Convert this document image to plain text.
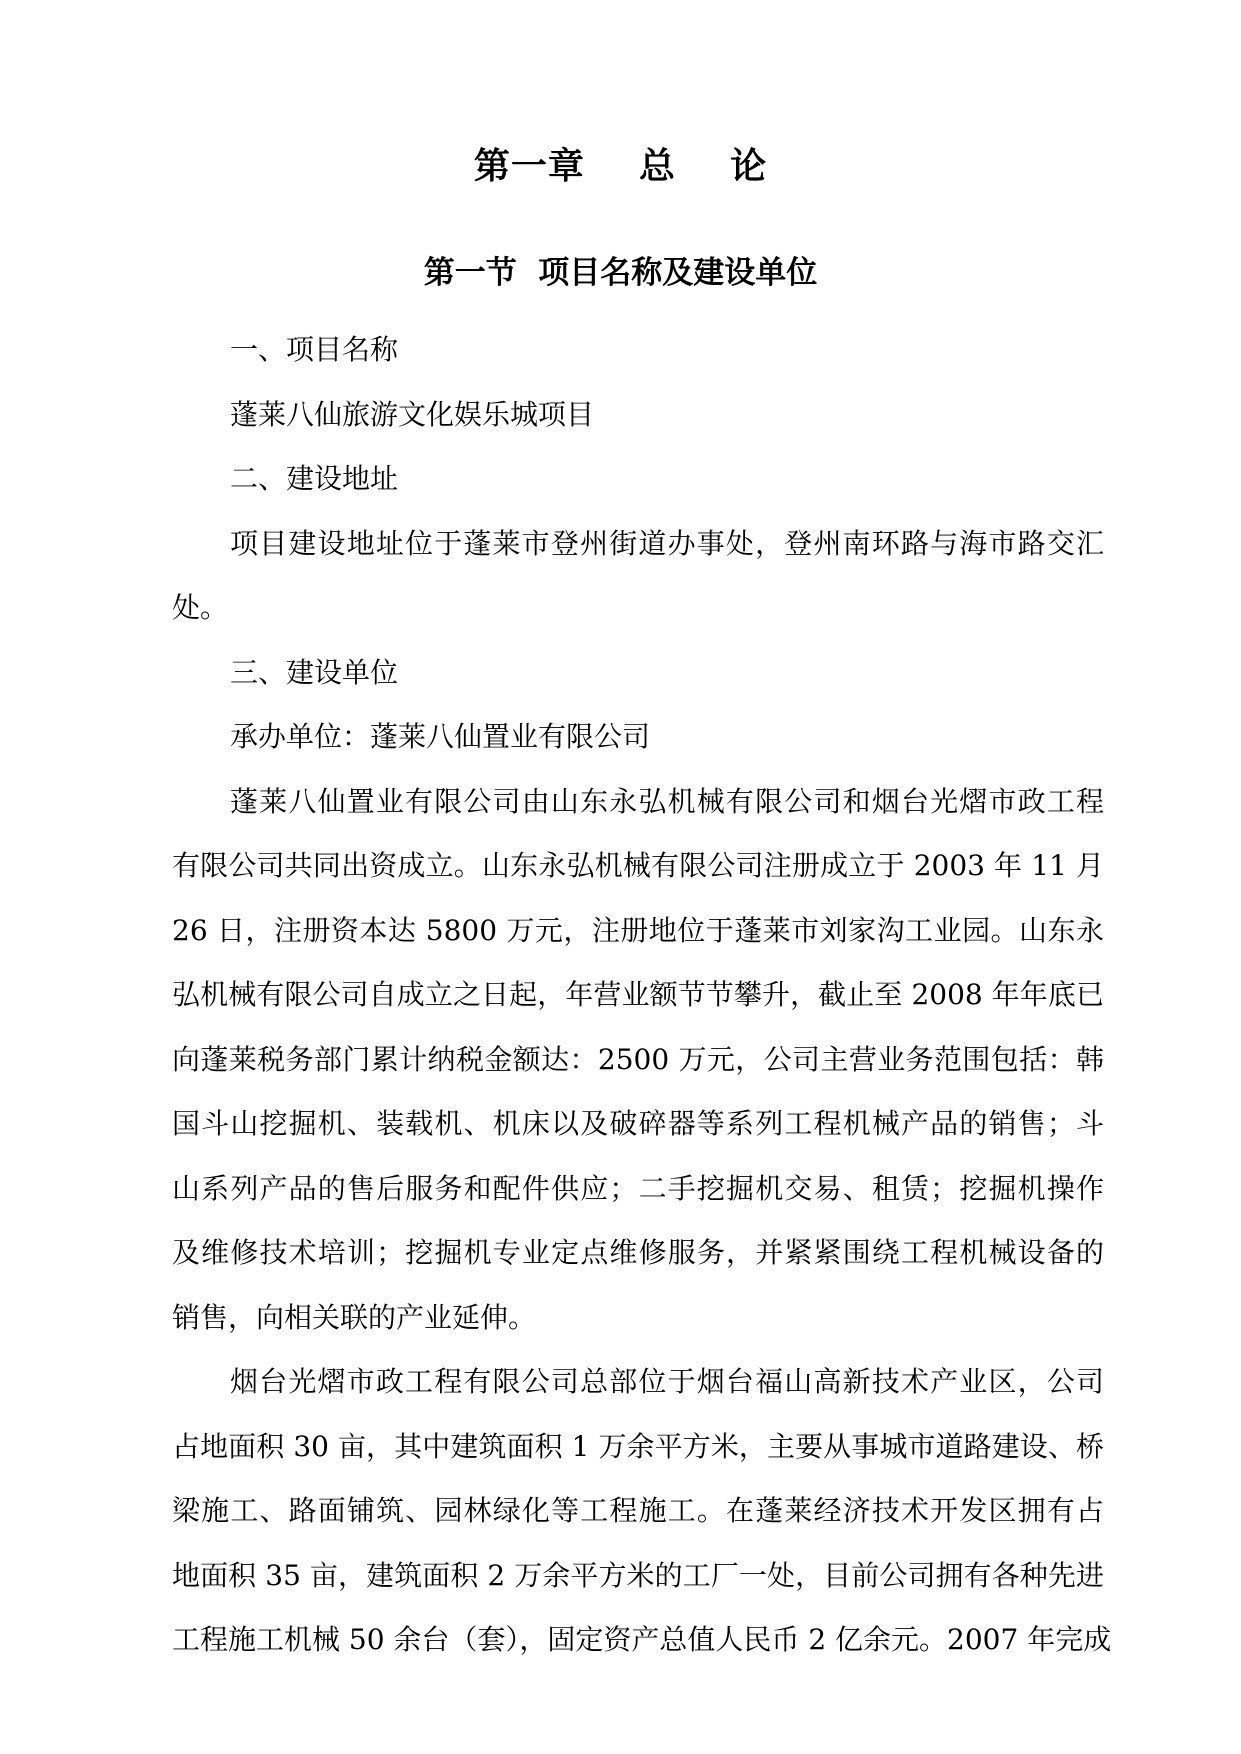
第一章    总    论
第一节  项目名称及建设单位
一、项目名称
蓬莱八仙旅游文化娱乐城项目
二、建设地址
项目建设地址位于蓬莱市登州街道办事处，登州南环路与海市路交汇
处。
三、建设单位
承办单位：蓬莱八仙置业有限公司
蓬莱八仙置业有限公司由山东永弘机械有限公司和烟台光熠市政工程
有限公司共同出资成立。山东永弘机械有限公司注册成立于 2003 年 11 月
26 日，注册资本达 5800 万元，注册地位于蓬莱市刘家沟工业园。山东永
弘机械有限公司自成立之日起，年营业额节节攀升，截止至 2008 年年底已
向蓬莱税务部门累计纳税金额达：2500 万元，公司主营业务范围包括：韩
国斗山挖掘机、装载机、机床以及破碎器等系列工程机械产品的销售；斗
山系列产品的售后服务和配件供应；二手挖掘机交易、租赁；挖掘机操作
及维修技术培训；挖掘机专业定点维修服务，并紧紧围绕工程机械设备的
销售，向相关联的产业延伸。
烟台光熠市政工程有限公司总部位于烟台福山高新技术产业区，公司
占地面积 30 亩，其中建筑面积 1 万余平方米，主要从事城市道路建设、桥
梁施工、路面铺筑、园林绿化等工程施工。在蓬莱经济技术开发区拥有占
地面积 35 亩，建筑面积 2 万余平方米的工厂一处，目前公司拥有各种先进
工程施工机械 50 余台（套），固定资产总值人民币 2 亿余元。2007 年完成
